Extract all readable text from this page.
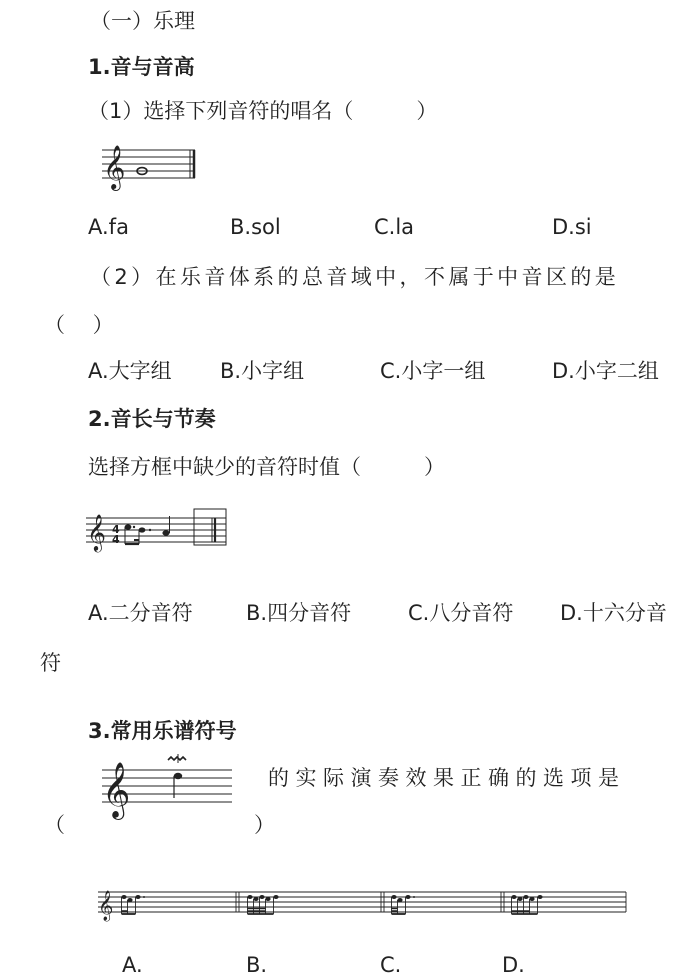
（一）乐理
1.音与音高
（1）选择下列音符的唱名（　　　）
𝄞
A.fa	B.sol	C.la	D.si
（2）在乐音体系的总音域中，不属于中音区的是
（　 ）
A.大字组 B.小字组	C.小字一组	D.小字二组
2.音长与节奏
选择方框中缺少的音符时值（　　　）
𝄞 4
4
A.二分音符	B.四分音符	C.八分音符 D.十六分音
符
3.常用乐谱符号
𝄞	的实际演奏效果正确的选项是
（　　　　　　　　　）
𝄞
A.	B.	C.	D.
